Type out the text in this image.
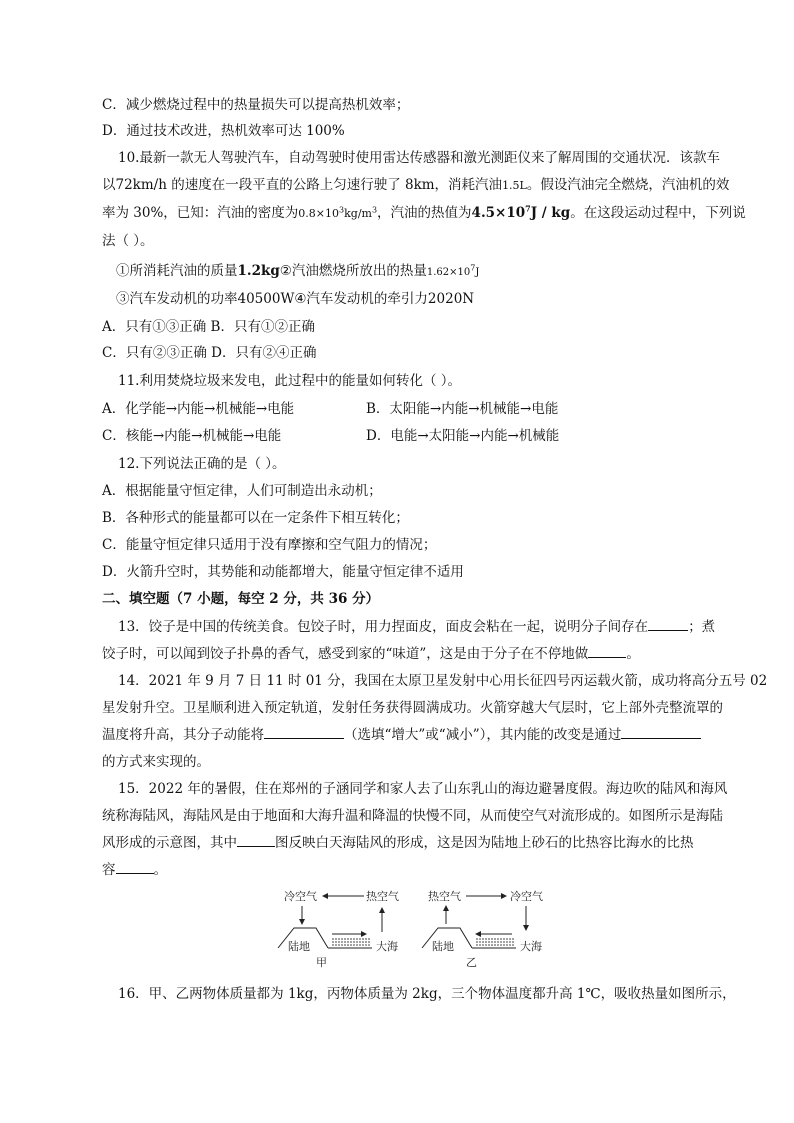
C．减少燃烧过程中的热量损失可以提高热机效率；
D．通过技术改进，热机效率可达 100%
10.最新一款无人驾驶汽车，自动驾驶时使用雷达传感器和激光测距仪来了解周围的交通状况．该款车
以72km/h 的速度在一段平直的公路上匀速行驶了 8km，消耗汽油1.5L。假设汽油完全燃烧，汽油机的效
率为 30%，已知：汽油的密度为$0.8\times 10^3kg/m^3$，汽油的热值为$4.5\times 10^7J$ / kg。在这段运动过程中，下列说
法（ ）。
①所消耗汽油的质量1.2kg②汽油燃烧所放出的热量$1.62\times 10^7J$
③汽车发动机的功率40500W④汽车发动机的牵引力2020N
A．只有①③正确 B．只有①②正确
C．只有②③正确 D．只有②④正确
11.利用焚烧垃圾来发电，此过程中的能量如何转化（ ）。
A．化学能→内能→机械能→电能	B．太阳能→内能→机械能→电能
C．核能→内能→机械能→电能	D．电能→太阳能→内能→机械能
12.下列说法正确的是（ ）。
A．根据能量守恒定律，人们可制造出永动机；
B．各种形式的能量都可以在一定条件下相互转化；
C．能量守恒定律只适用于没有摩擦和空气阻力的情况；
D．火箭升空时，其势能和动能都增大，能量守恒定律不适用
二、填空题（7 小题，每空 2 分，共 36 分）
13．饺子是中国的传统美食。包饺子时，用力捏面皮，面皮会粘在一起，说明分子间存在	；煮
饺子时，可以闻到饺子扑鼻的香气，感受到家的“味道”，这是由于分子在不停地做	。
14．2021 年 9 月 7 日 11 时 01 分，我国在太原卫星发射中心用长征四号丙运载火箭，成功将高分五号 02
星发射升空。卫星顺利进入预定轨道，发射任务获得圆满成功。火箭穿越大气层时，它上部外壳整流罩的
温度将升高，其分子动能将	（选填“增大”或“减小”），其内能的改变是通过
的方式来实现的。
15．2022 年的暑假，住在郑州的子涵同学和家人去了山东乳山的海边避暑度假。海边吹的陆风和海风
统称海陆风，海陆风是由于地面和大海升温和降温的快慢不同，从而使空气对流形成的。如图所示是海陆
风形成的示意图，其中	图反映白天海陆风的形成，这是因为陆地上砂石的比热容比海水的比热
容	。
冷空气	热空气
陆地	大海
甲
热空气	冷空气
陆地	大海
乙
16．甲、乙两物体质量都为 1kg，丙物体质量为 2kg，三个物体温度都升高 1℃，吸收热量如图所示，
